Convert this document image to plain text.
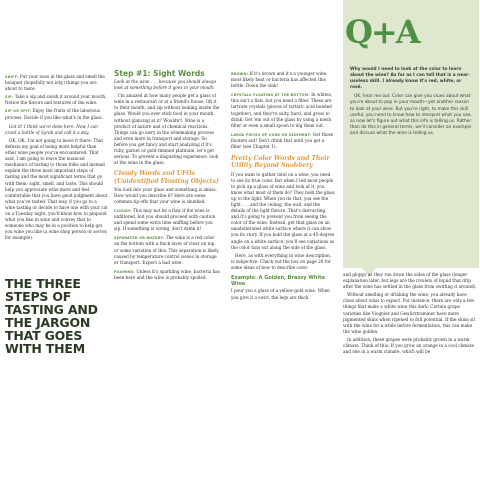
SNIFF: Put your nose in the glass and smell the bouquet (hopefully not icky) things you are about to taste.

SIP: Take a sip and swish it around your mouth. Notice the flavors and textures of the wine.

SIP OR SPIT: Enjoy the fruits of the laborious process. Decide if you like what's in the glass.

Got it! I think we're done here. Now I can crack a bottle of Syrah and call it a day.

OK, OK. I'm not going to leave it there. That defeats my goal of being more helpful than other wine people you've encountered. That said, I am going to leave the nuanced mechanics of tasting to those folks and instead explain the three most important steps of tasting and the most significant terms that go with them: sight, smell, and taste. This should help you appreciate wine more and feel comfortable that you have good judgment about what you've tasted. That way, if you go to a wine tasting or decide to have one with your cat on a Tuesday night, you'll know how to pinpoint what you like in wine and convey that to someone who may be in a position to help get you wine you like (a wine shop person or server, for example).

THE THREE STEPS OF TASTING AND THE JARGON THAT GOES WITH THEM
Step #1: Sight Words

Look at the wine . . . because you should always look at something before it goes in your mouth.

I'm amazed at how many people get a glass of wine in a restaurant or at a friend's house, lift it to their mouth, and sip without looking inside the glass. Would you ever stick food in your mouth without glancing at it? Wouldn't. Wine is a product of nature and of chemical reactions. Things can go awry in the winemaking process and even more in transport and storage. So before you get fancy and start analyzing if it's ruby, garnet or gold-rimmed platinum, let's get serious. To prevent a disgusting experience, look at the wine in the glass.

Cloudy Words and UFOs (Unidentified Floating Objects)

You look into your glass and something is amiss. How would you describe it? Here are some common tip-offs that your wine is skunked.

CLOUDY: This may not be a flaw if the wine is unfiltered, but you should proceed with caution and spend some extra time sniffing before you sip. If something is wrong, don't drink it!

SEPARATED OR WATERY: The wine is a red color on the bottom with a thick layer of clear on top, or some variation of this. This separation is likely caused by temperature control issues in storage or transport. Expect a bad wine.

FOAMING: Unless it's sparkling wine, bacteria has been here and the wine is probably spoiled.

BROWN: If it's brown and it's a younger wine, most likely heat or bacteria has affected this bottle. Down the sink!

CRYSTALS FLOATING AT THE BOTTOM: In whites, this isn't a flaw, but you need a filter. These are tartrate crystals (pieces of tartaric acid bonded together), and they're salty, hard, and gross to drink. Get 'em out of the glass by using a mesh filter or even a small spoon to dig them out.

LARGE PIECES OF CORK OR SEDIMENT: Get those floaters out! Don't drink that until you get a filter (see Chapter 1).

Pretty Color Words and Their Utility Beyond Snobbery

If you want to gather intel on a wine, you need to see its true color. But when I tell most people to pick up a glass of wine and look at it, you know what most of them do? They hold the glass up to the light. When you do that, you see the light . . . and the ceiling, the wall, and the details of the light fixture. That's distracting, and it's going to prevent you from seeing the color of the wine. Instead, get that glass on an unadulterated white surface where it can show you its story. If you hold the glass at a 45-degree angle on a white surface, you'll see variations as the color fans out along the side of the glass.

Here, as with everything in wine description, is subjective. Check out the box on page 20 for some ideas of how to describe color.

Example: A Golden, Brassy White Wine

I pour you a glass of a yellow-gold wine. When you give it a swirl, the legs are thick

Q+A

Why would I need to look at the color to learn about the wine? As far as I can tell that is a near-useless skill. I already know it's red, white, or rosé.

OK, hear me out. Color can give you clues about what you're about to pop in your mouth—yet another reason to look at your wine. But you're right, to make this skill useful, you need to know how to interpret what you see, so now let's figure out what this info is telling us. Rather than do this in general terms, we'll consider an example and discuss what the wine is telling us.

and gloppy as they run down the sides of the glass (longer explanation later, but legs are the rivulets of liquid that drip after the wine has settled in the glass from swirling it around).

Without smelling or drinking the wine, you already have clues about what to expect. For instance, there are only a few things that make a white wine this dark: Certain grape varieties like Viognier and Gewürztraminer have more pigmented skins when ripened to full potential. If the skins sit with the wine for a while before fermentation, this can make the wine golden.

In addition, these grapes were probably grown in a warm climate. Think of this: If you grow an orange in a cool climate and one in a warm climate, which will be
